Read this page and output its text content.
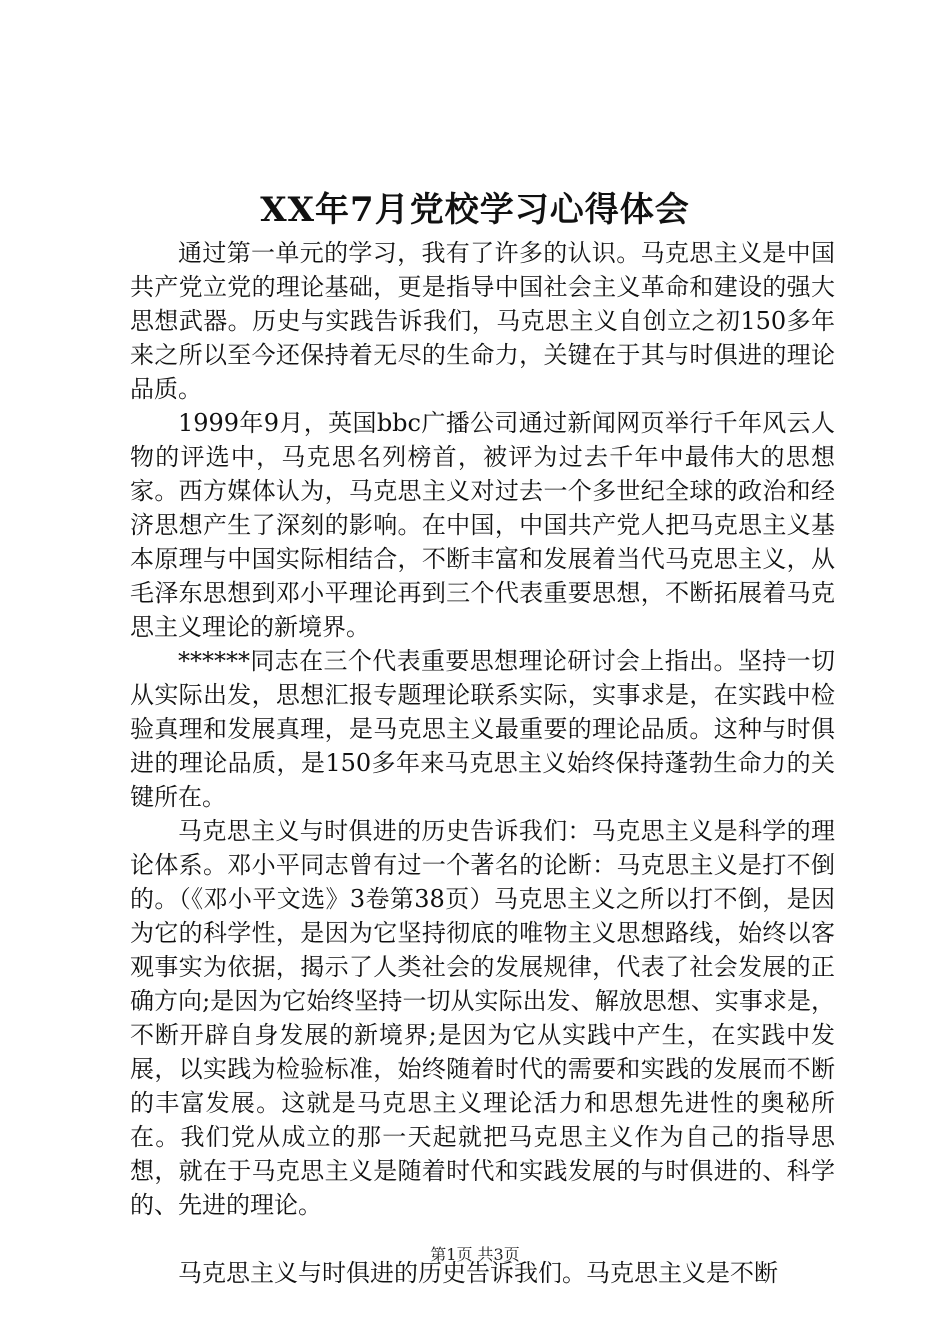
XX年7月党校学习心得体会

通过第一单元的学习，我有了许多的认识。马克思主义是中国共产党立党的理论基础，更是指导中国社会主义革命和建设的强大思想武器。历史与实践告诉我们，马克思主义自创立之初150多年来之所以至今还保持着无尽的生命力，关键在于其与时俱进的理论品质。

1999年9月，英国bbc广播公司通过新闻网页举行千年风云人物的评选中，马克思名列榜首，被评为过去千年中最伟大的思想家。西方媒体认为，马克思主义对过去一个多世纪全球的政治和经济思想产生了深刻的影响。在中国，中国共产党人把马克思主义基本原理与中国实际相结合，不断丰富和发展着当代马克思主义，从毛泽东思想到邓小平理论再到三个代表重要思想，不断拓展着马克思主义理论的新境界。

******同志在三个代表重要思想理论研讨会上指出。坚持一切从实际出发，思想汇报专题理论联系实际，实事求是，在实践中检验真理和发展真理，是马克思主义最重要的理论品质。这种与时俱进的理论品质，是150多年来马克思主义始终保持蓬勃生命力的关键所在。

马克思主义与时俱进的历史告诉我们：马克思主义是科学的理论体系。邓小平同志曾有过一个著名的论断：马克思主义是打不倒的。（《邓小平文选》3卷第38页）马克思主义之所以打不倒，是因为它的科学性，是因为它坚持彻底的唯物主义思想路线，始终以客观事实为依据，揭示了人类社会的发展规律，代表了社会发展的正确方向;是因为它始终坚持一切从实际出发、解放思想、实事求是，不断开辟自身发展的新境界;是因为它从实践中产生，在实践中发展，以实践为检验标准，始终随着时代的需要和实践的发展而不断的丰富发展。这就是马克思主义理论活力和思想先进性的奥秘所在。我们党从成立的那一天起就把马克思主义作为自己的指导思想，就在于马克思主义是随着时代和实践发展的与时俱进的、科学的、先进的理论。

马克思主义与时俱进的历史告诉我们。马克思主义是不断

第1页 共3页
